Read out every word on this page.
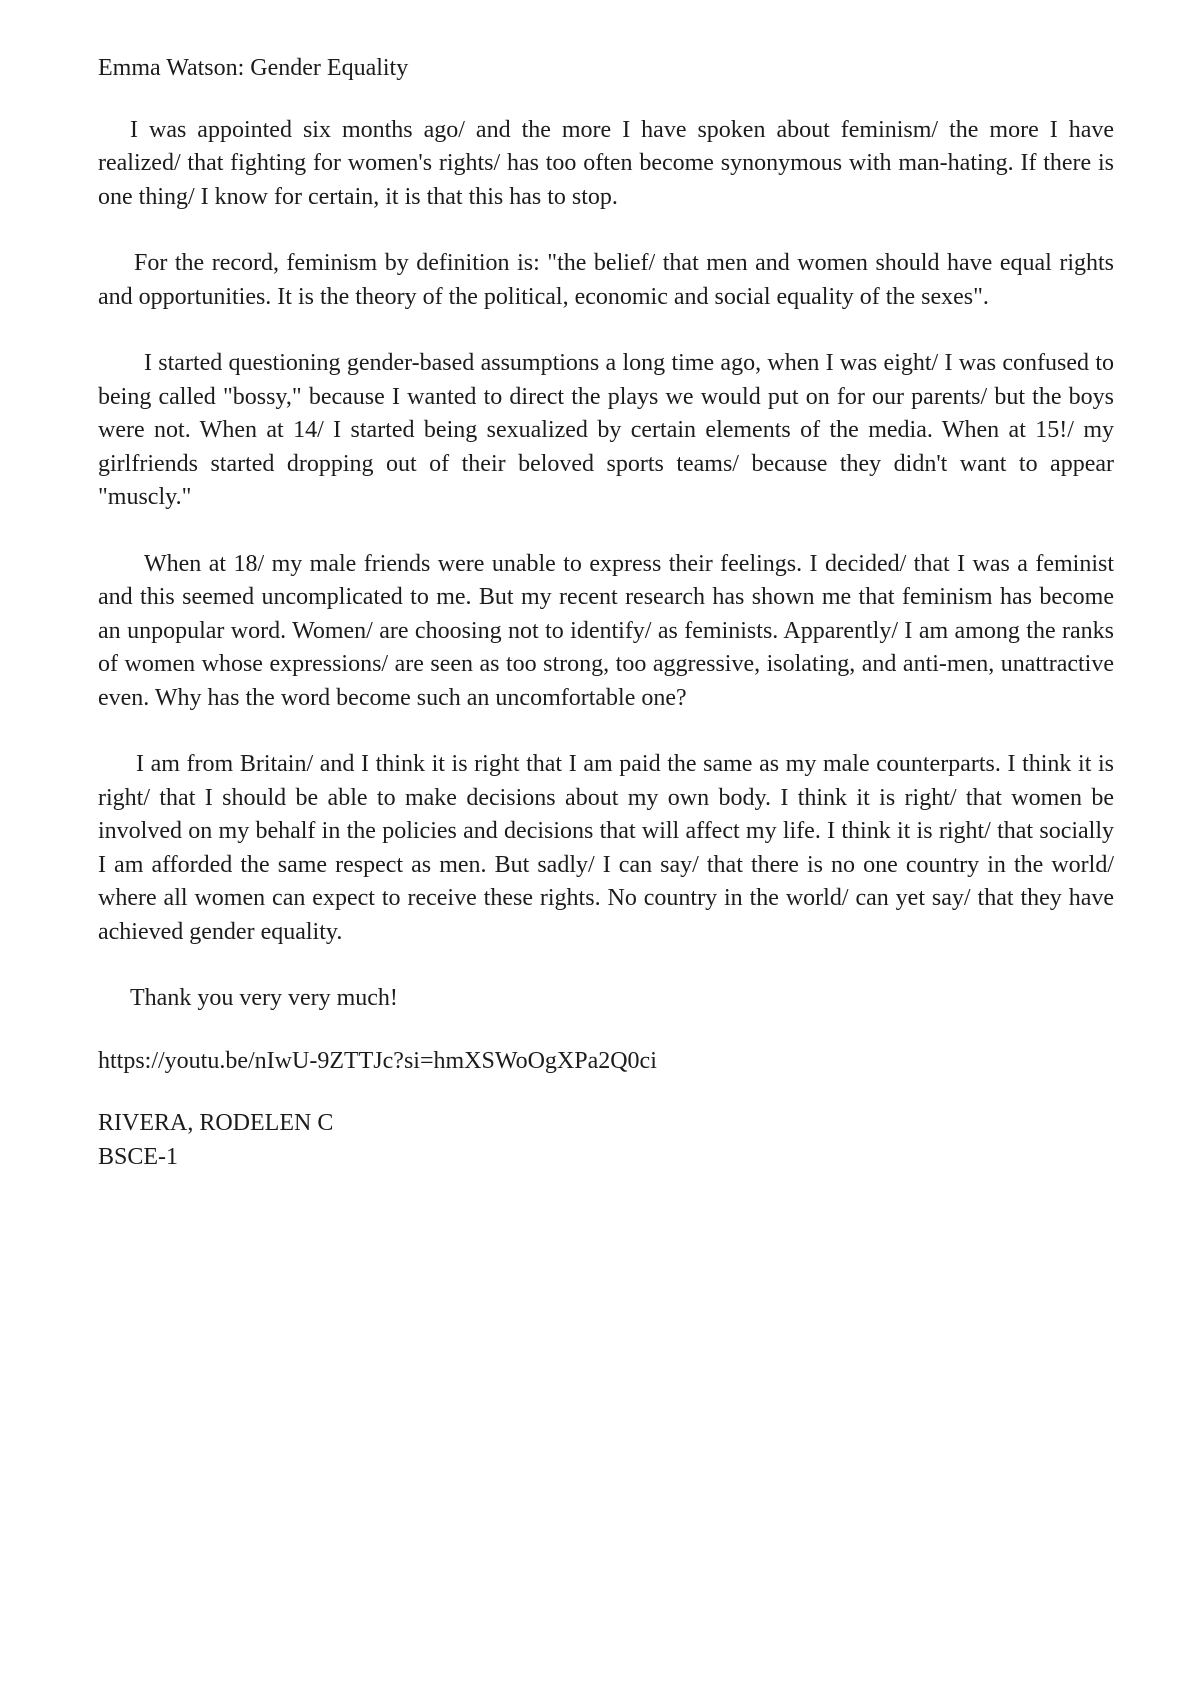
Emma Watson: Gender Equality

I was appointed six months ago/ and the more I have spoken about feminism/ the more I have realized/ that fighting for women's rights/ has too often become synonymous with man-hating. If there is one thing/ I know for certain, it is that this has to stop.

For the record, feminism by definition is: "the belief/ that men and women should have equal rights and opportunities. It is the theory of the political, economic and social equality of the sexes".

I started questioning gender-based assumptions a long time ago, when I was eight/ I was confused to being called "bossy," because I wanted to direct the plays we would put on for our parents/ but the boys were not. When at 14/ I started being sexualized by certain elements of the media. When at 15!/ my girlfriends started dropping out of their beloved sports teams/ because they didn't want to appear "muscly."

When at 18/ my male friends were unable to express their feelings. I decided/ that I was a feminist and this seemed uncomplicated to me. But my recent research has shown me that feminism has become an unpopular word. Women/ are choosing not to identify/ as feminists. Apparently/ I am among the ranks of women whose expressions/ are seen as too strong, too aggressive, isolating, and anti-men, unattractive even. Why has the word become such an uncomfortable one?

I am from Britain/ and I think it is right that I am paid the same as my male counterparts. I think it is right/ that I should be able to make decisions about my own body. I think it is right/ that women be involved on my behalf in the policies and decisions that will affect my life. I think it is right/ that socially I am afforded the same respect as men. But sadly/ I can say/ that there is no one country in the world/ where all women can expect to receive these rights. No country in the world/ can yet say/ that they have achieved gender equality.

Thank you very very much!

https://youtu.be/nIwU-9ZTTJc?si=hmXSWoOgXPa2Q0ci

RIVERA, RODELEN C
BSCE-1
